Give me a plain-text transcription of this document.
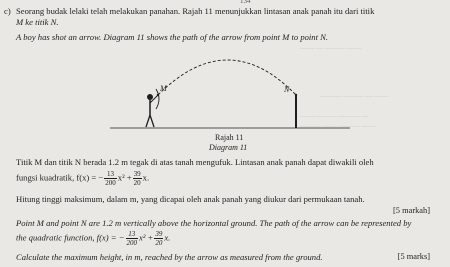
134
—— — ——— ——
——— ——— — ——
—— ——— ——— —
——— —— ——— ——
c) Seorang budak lelaki telah melakukan panahan. Rajah 11 menunjukkan lintasan anak panah itu dari titik
M ke titik N.
A boy has shot an arrow. Diagram 11 shows the path of the arrow from point M to point N.
M	N
Rajah 11
Diagram 11
Titik M dan titik N berada 1.2 m tegak di atas tanah mengufuk. Lintasan anak panah dapat diwakili oleh
fungsi kuadratik, f(x) = − $\frac{13}{200} x^2 + \frac{39}{20} x$.
Hitung tinggi maksimum, dalam m, yang dicapai oleh anak panah yang diukur dari permukaan tanah.
[5 markah]
Point M and point N are 1.2 m vertically above the horizontal ground. The path of the arrow can be represented by
the quadratic function, f(x) = − $\frac{13}{200} x^2 + \frac{39}{20} x$.
Calculate the maximum height, in m, reached by the arrow as measured from the ground.	[5 marks]
